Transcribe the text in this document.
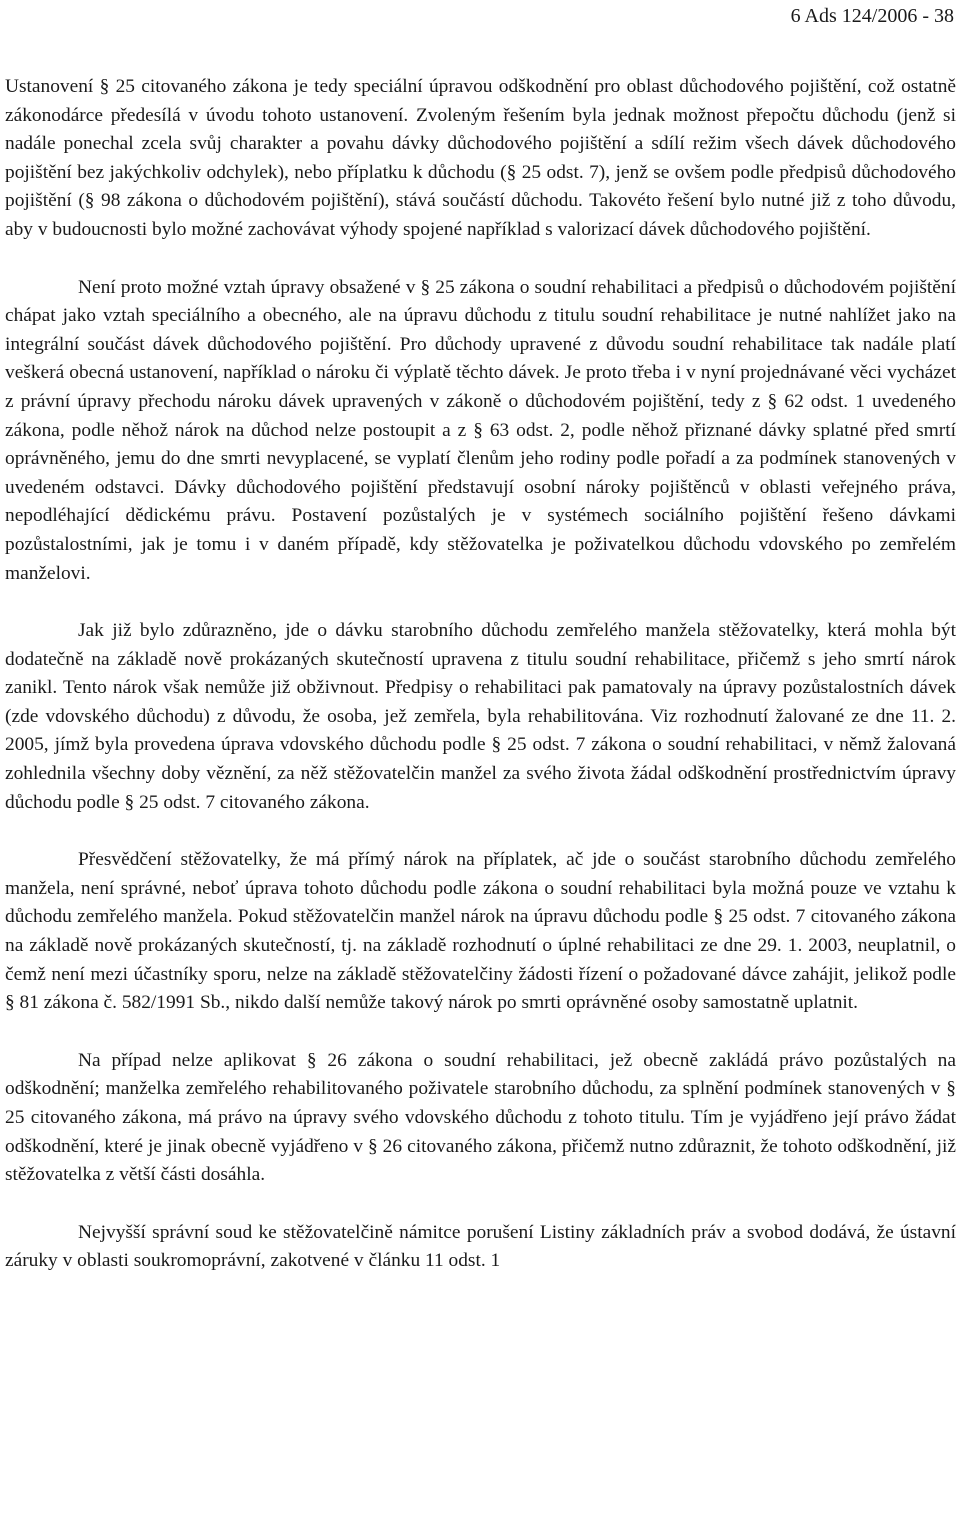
6 Ads 124/2006 - 38

Ustanovení § 25 citovaného zákona je tedy speciální úpravou odškodnění pro oblast důchodového pojištění, což ostatně zákonodárce předesílá v úvodu tohoto ustanovení. Zvoleným řešením byla jednak možnost přepočtu důchodu (jenž si nadále ponechal zcela svůj charakter a povahu dávky důchodového pojištění a sdílí režim všech dávek důchodového pojištění bez jakýchkoliv odchylek), nebo příplatku k důchodu (§ 25 odst. 7), jenž se ovšem podle předpisů důchodového pojištění (§ 98 zákona o důchodovém pojištění), stává součástí důchodu. Takovéto řešení bylo nutné již z toho důvodu, aby v budoucnosti bylo možné zachovávat výhody spojené například s valorizací dávek důchodového pojištění.

Není proto možné vztah úpravy obsažené v § 25 zákona o soudní rehabilitaci a předpisů o důchodovém pojištění chápat jako vztah speciálního a obecného, ale na úpravu důchodu z titulu soudní rehabilitace je nutné nahlížet jako na integrální součást dávek důchodového pojištění. Pro důchody upravené z důvodu soudní rehabilitace tak nadále platí veškerá obecná ustanovení, například o nároku či výplatě těchto dávek. Je proto třeba i v nyní projednávané věci vycházet z právní úpravy přechodu nároku dávek upravených v zákoně o důchodovém pojištění, tedy z § 62 odst. 1 uvedeného zákona, podle něhož nárok na důchod nelze postoupit a z § 63 odst. 2, podle něhož přiznané dávky splatné před smrtí oprávněného, jemu do dne smrti nevyplacené, se vyplatí členům jeho rodiny podle pořadí a za podmínek stanovených v uvedeném odstavci. Dávky důchodového pojištění představují osobní nároky pojištěnců v oblasti veřejného práva, nepodléhající dědickému právu. Postavení pozůstalých je v systémech sociálního pojištění řešeno dávkami pozůstalostními, jak je tomu i v daném případě, kdy stěžovatelka je poživatelkou důchodu vdovského po zemřelém manželovi.

Jak již bylo zdůrazněno, jde o dávku starobního důchodu zemřelého manžela stěžovatelky, která mohla být dodatečně na základě nově prokázaných skutečností upravena z titulu soudní rehabilitace, přičemž s jeho smrtí nárok zanikl. Tento nárok však nemůže již obživnout. Předpisy o rehabilitaci pak pamatovaly na úpravy pozůstalostních dávek (zde vdovského důchodu) z důvodu, že osoba, jež zemřela, byla rehabilitována. Viz rozhodnutí žalované ze dne 11. 2. 2005, jímž byla provedena úprava vdovského důchodu podle § 25 odst. 7 zákona o soudní rehabilitaci, v němž žalovaná zohlednila všechny doby věznění, za něž stěžovatelčin manžel za svého života žádal odškodnění prostřednictvím úpravy důchodu podle § 25 odst. 7 citovaného zákona.

Přesvědčení stěžovatelky, že má přímý nárok na příplatek, ač jde o součást starobního důchodu zemřelého manžela, není správné, neboť úprava tohoto důchodu podle zákona o soudní rehabilitaci byla možná pouze ve vztahu k důchodu zemřelého manžela. Pokud stěžovatelčin manžel nárok na úpravu důchodu podle § 25 odst. 7 citovaného zákona na základě nově prokázaných skutečností, tj. na základě rozhodnutí o úplné rehabilitaci ze dne 29. 1. 2003, neuplatnil, o čemž není mezi účastníky sporu, nelze na základě stěžovatelčiny žádosti řízení o požadované dávce zahájit, jelikož podle § 81 zákona č. 582/1991 Sb., nikdo další nemůže takový nárok po smrti oprávněné osoby samostatně uplatnit.

Na případ nelze aplikovat § 26 zákona o soudní rehabilitaci, jež obecně zakládá právo pozůstalých na odškodnění; manželka zemřelého rehabilitovaného poživatele starobního důchodu, za splnění podmínek stanovených v § 25 citovaného zákona, má právo na úpravy svého vdovského důchodu z tohoto titulu. Tím je vyjádřeno její právo žádat odškodnění, které je jinak obecně vyjádřeno v § 26 citovaného zákona, přičemž nutno zdůraznit, že tohoto odškodnění, již stěžovatelka z větší části dosáhla.

Nejvyšší správní soud ke stěžovatelčině námitce porušení Listiny základních práv a svobod dodává, že ústavní záruky v oblasti soukromoprávní, zakotvené v článku 11 odst. 1
